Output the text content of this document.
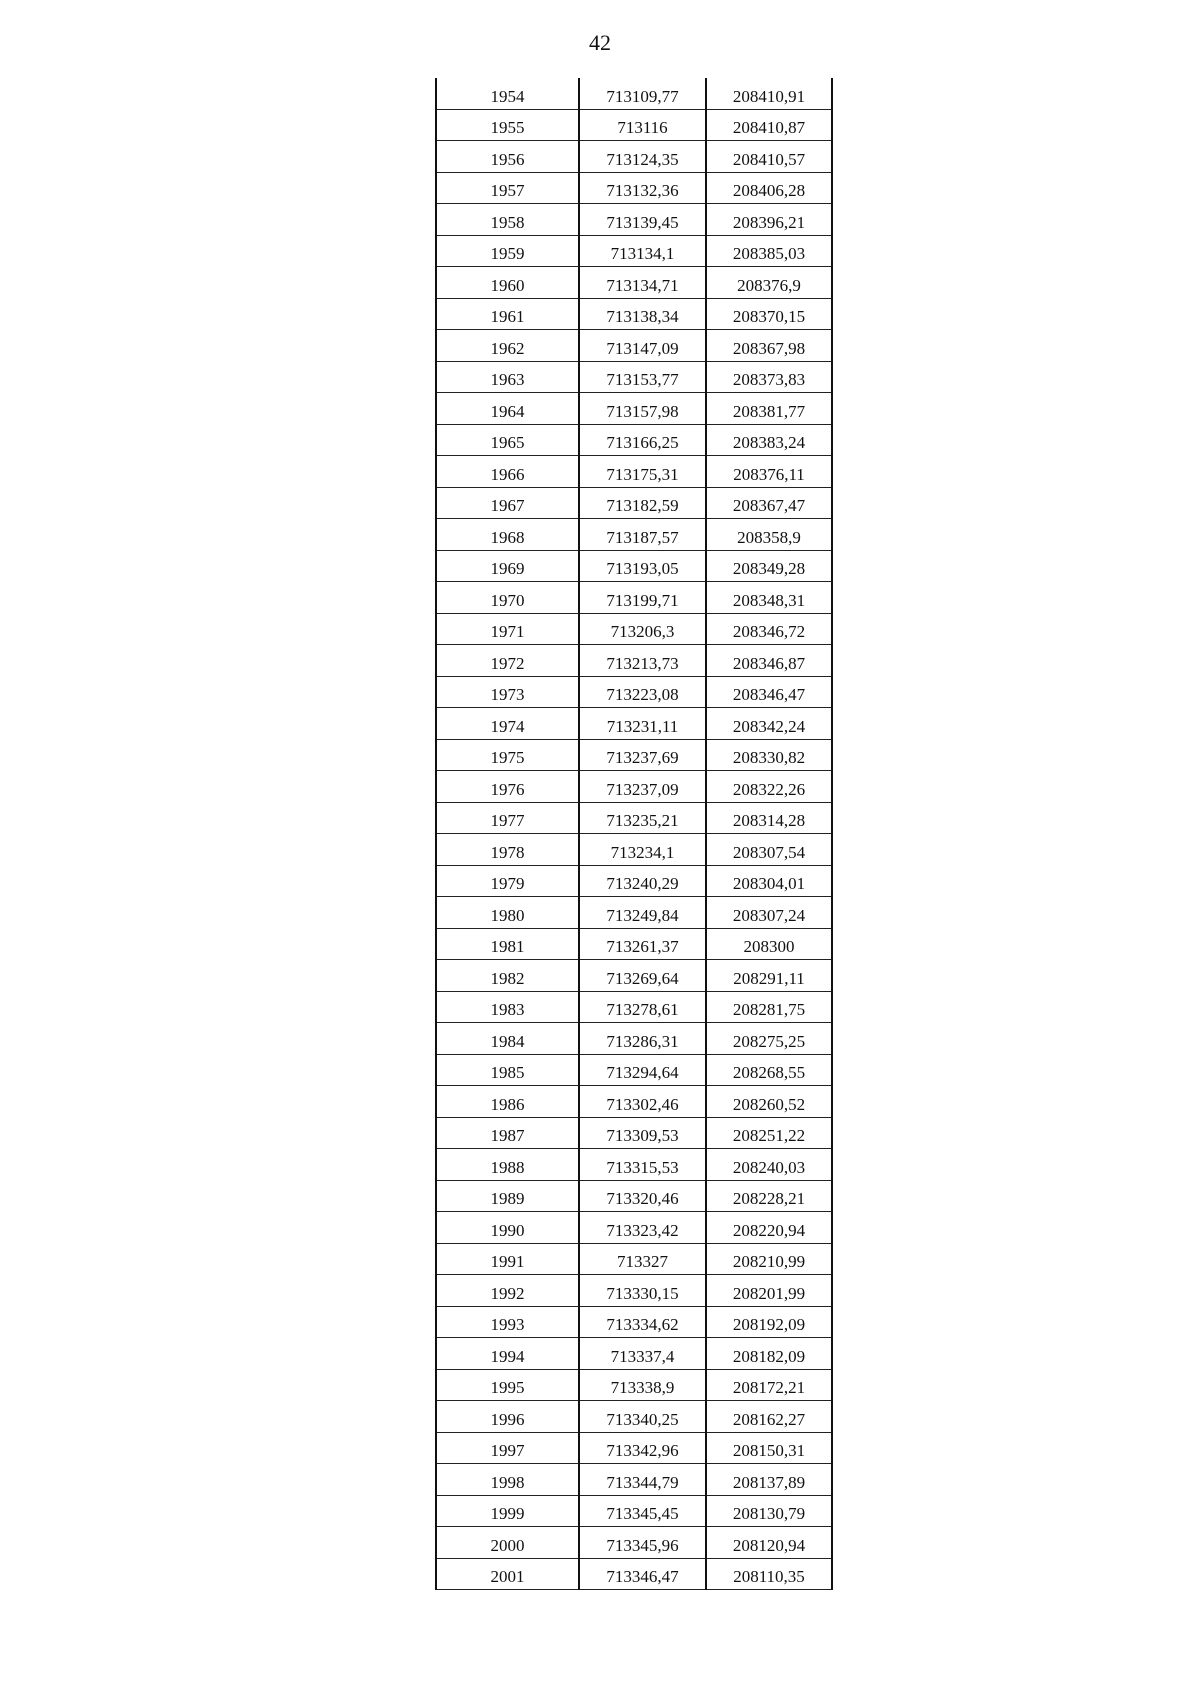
42
1954	713109,77	208410,91
1955	713116	208410,87
1956	713124,35	208410,57
1957	713132,36	208406,28
1958	713139,45	208396,21
1959	713134,1	208385,03
1960	713134,71	208376,9
1961	713138,34	208370,15
1962	713147,09	208367,98
1963	713153,77	208373,83
1964	713157,98	208381,77
1965	713166,25	208383,24
1966	713175,31	208376,11
1967	713182,59	208367,47
1968	713187,57	208358,9
1969	713193,05	208349,28
1970	713199,71	208348,31
1971	713206,3	208346,72
1972	713213,73	208346,87
1973	713223,08	208346,47
1974	713231,11	208342,24
1975	713237,69	208330,82
1976	713237,09	208322,26
1977	713235,21	208314,28
1978	713234,1	208307,54
1979	713240,29	208304,01
1980	713249,84	208307,24
1981	713261,37	208300
1982	713269,64	208291,11
1983	713278,61	208281,75
1984	713286,31	208275,25
1985	713294,64	208268,55
1986	713302,46	208260,52
1987	713309,53	208251,22
1988	713315,53	208240,03
1989	713320,46	208228,21
1990	713323,42	208220,94
1991	713327	208210,99
1992	713330,15	208201,99
1993	713334,62	208192,09
1994	713337,4	208182,09
1995	713338,9	208172,21
1996	713340,25	208162,27
1997	713342,96	208150,31
1998	713344,79	208137,89
1999	713345,45	208130,79
2000	713345,96	208120,94
2001	713346,47	208110,35
